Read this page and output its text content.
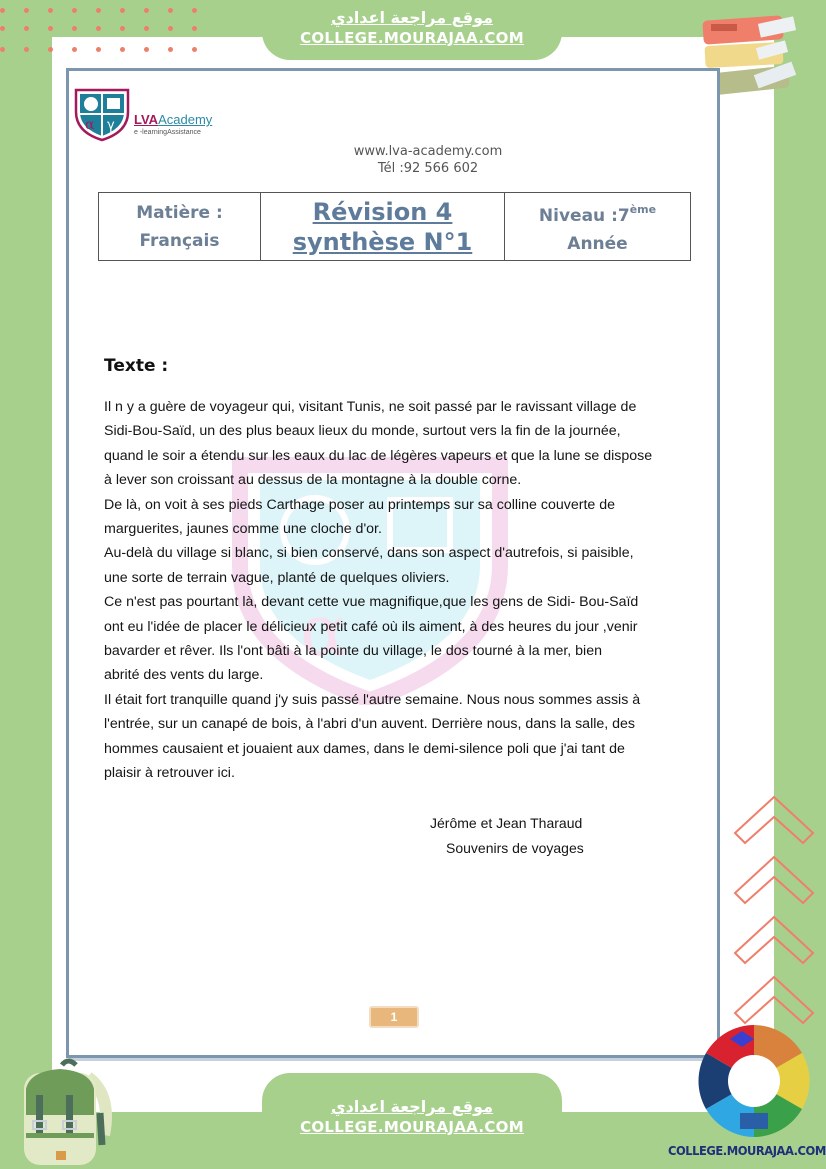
موقع مراجعة اعدادي
COLLEGE.MOURAJAA.COM
α γ LVAAcademy
e -learningAssistance
www.lva-academy.com
Tél :92 566 602
Matière :
Français
Révision 4
synthèse N°1
Niveau :7ème
Année
α
Texte :

Il n y a guère de voyageur qui, visitant Tunis, ne soit passé par le ravissant village de

Sidi-Bou-Saïd, un des plus beaux lieux du monde, surtout vers la fin de la journée,

quand le soir a étendu sur les eaux du lac de légères vapeurs et que la lune se dispose

à lever son croissant au dessus de la montagne à la double corne.

De là, on voit à ses pieds Carthage poser au printemps sur sa colline couverte de

marguerites, jaunes comme une cloche d'or.

Au-delà du village si blanc, si bien conservé, dans son aspect d'autrefois, si paisible,

une sorte de terrain vague, planté de quelques oliviers.

Ce n'est pas pourtant là, devant cette vue magnifique,que les gens de Sidi- Bou-Saïd

ont eu l'idée de placer le délicieux petit café où ils aiment, à des heures du jour ,venir

bavarder et rêver. Ils l'ont bâti à la pointe du village, le dos tourné à la mer, bien

abrité des vents du large.

Il était fort tranquille quand j'y suis passé l'autre semaine. Nous nous sommes assis à

l'entrée, sur un canapé de bois, à l'abri d'un auvent. Derrière nous, dans la salle, des

hommes causaient et jouaient aux dames, dans le demi-silence poli que j'ai tant de

plaisir à retrouver ici.

Jérôme et Jean Tharaud
Souvenirs de voyages
1
موقع مراجعة اعدادي
COLLEGE.MOURAJAA.COM
COLLEGE.MOURAJAA.COM
